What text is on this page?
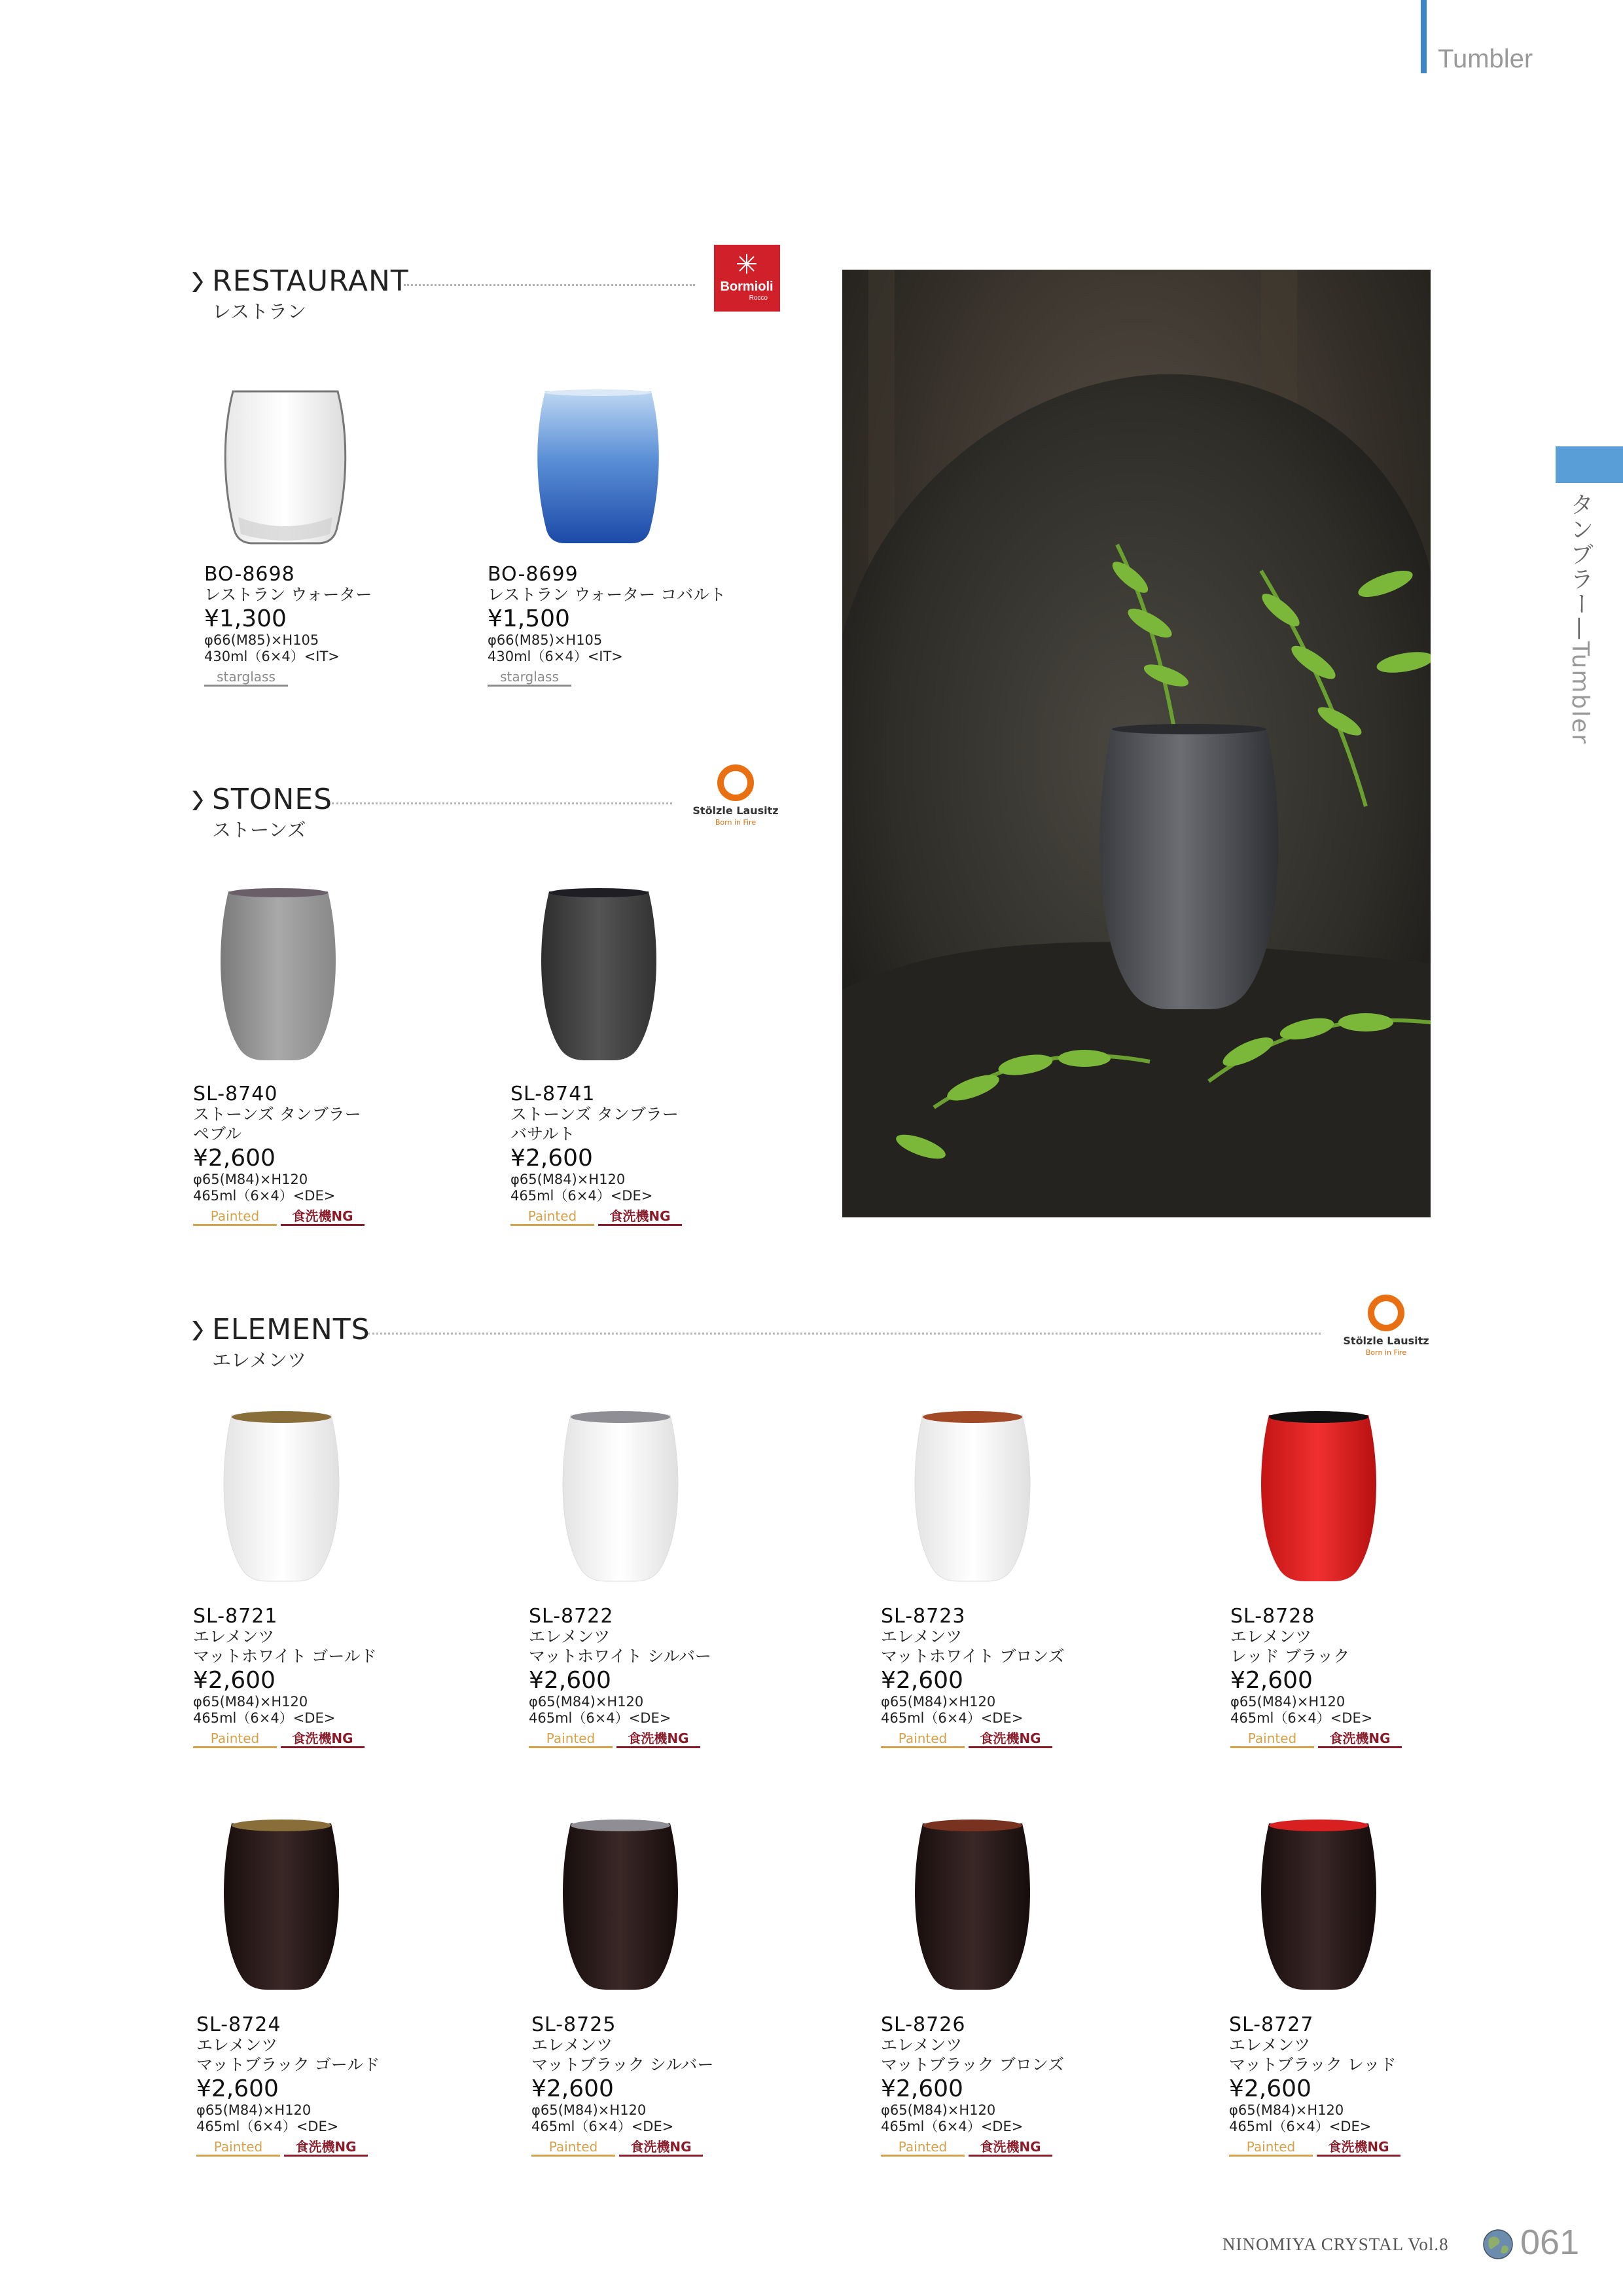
Tumbler
タンブラー—Tumbler
RESTAURANT
レストラン
Bormioli
Rocco
BO-8698
レストラン ウォーター
¥1,300
φ66(M85)×H105
430ml（6×4）<IT>
starglass
BO-8699
レストラン ウォーター コバルト
¥1,500
φ66(M85)×H105
430ml（6×4）<IT>
starglass
STONES
ストーンズ
Stölzle Lausitz
Born in Fire
SL-8740
ストーンズ タンブラー
ペブル
¥2,600
φ65(M84)×H120
465ml（6×4）<DE>
Painted	食洗機NG
SL-8741
ストーンズ タンブラー
バサルト
¥2,600
φ65(M84)×H120
465ml（6×4）<DE>
Painted	食洗機NG
ELEMENTS
エレメンツ
Stölzle Lausitz
Born in Fire
SL-8721
エレメンツ
マットホワイト ゴールド
¥2,600
φ65(M84)×H120
465ml（6×4）<DE>
Painted	食洗機NG
SL-8722
エレメンツ
マットホワイト シルバー
¥2,600
φ65(M84)×H120
465ml（6×4）<DE>
Painted	食洗機NG
SL-8723
エレメンツ
マットホワイト ブロンズ
¥2,600
φ65(M84)×H120
465ml（6×4）<DE>
Painted	食洗機NG
SL-8728
エレメンツ
レッド ブラック
¥2,600
φ65(M84)×H120
465ml（6×4）<DE>
Painted	食洗機NG
SL-8724
エレメンツ
マットブラック ゴールド
¥2,600
φ65(M84)×H120
465ml（6×4）<DE>
Painted	食洗機NG
SL-8725
エレメンツ
マットブラック シルバー
¥2,600
φ65(M84)×H120
465ml（6×4）<DE>
Painted	食洗機NG
SL-8726
エレメンツ
マットブラック ブロンズ
¥2,600
φ65(M84)×H120
465ml（6×4）<DE>
Painted	食洗機NG
SL-8727
エレメンツ
マットブラック レッド
¥2,600
φ65(M84)×H120
465ml（6×4）<DE>
Painted	食洗機NG
NINOMIYA CRYSTAL Vol.8 061
